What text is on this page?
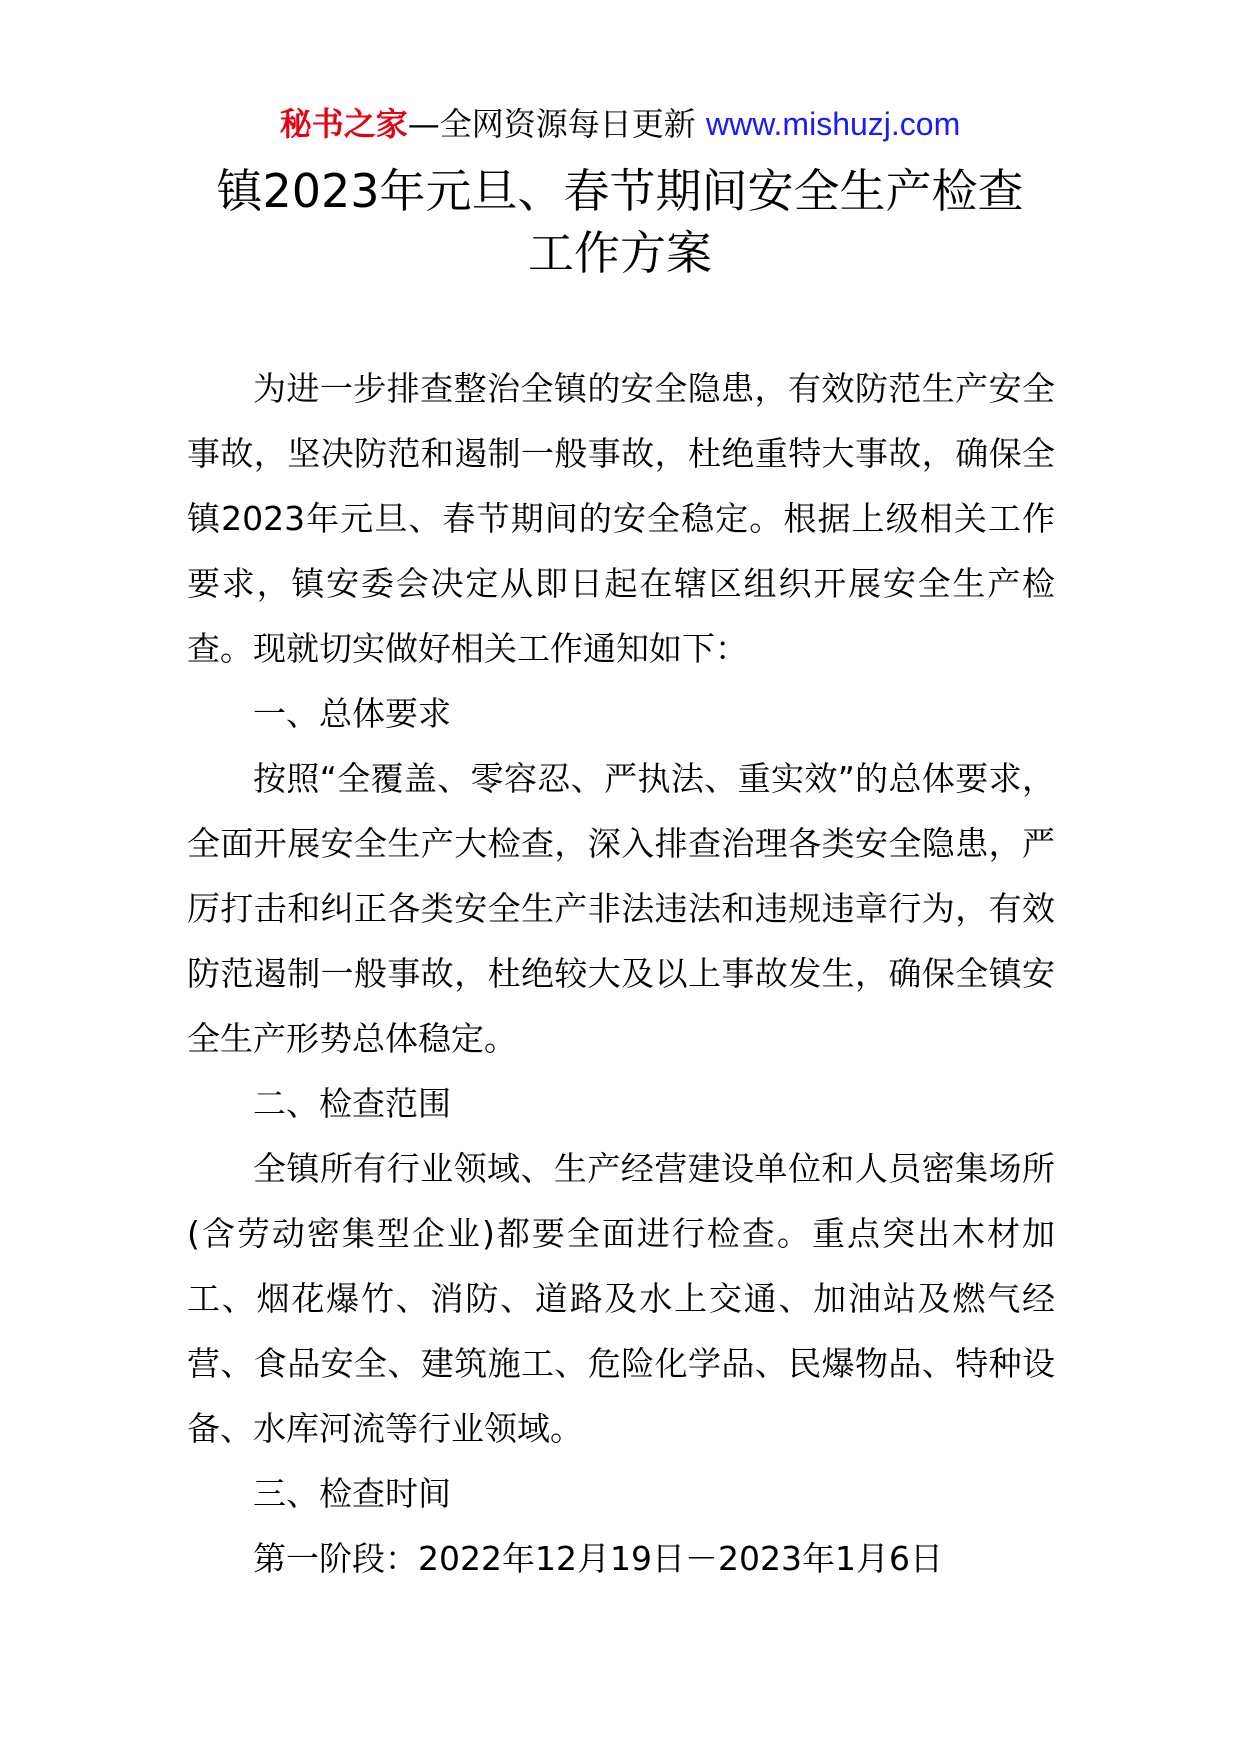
秘书之家—全网资源每日更新 www.mishuzj.com
镇2023年元旦、春节期间安全生产检查
工作方案

为进一步排查整治全镇的安全隐患，有效防范生产安全事故，坚决防范和遏制一般事故，杜绝重特大事故，确保全镇2023年元旦、春节期间的安全稳定。根据上级相关工作要求，镇安委会决定从即日起在辖区组织开展安全生产检查。现就切实做好相关工作通知如下：

一、总体要求

按照“全覆盖、零容忍、严执法、重实效”的总体要求，全面开展安全生产大检查，深入排查治理各类安全隐患，严厉打击和纠正各类安全生产非法违法和违规违章行为，有效防范遏制一般事故，杜绝较大及以上事故发生，确保全镇安全生产形势总体稳定。

二、检查范围

全镇所有行业领域、生产经营建设单位和人员密集场所(含劳动密集型企业)都要全面进行检查。重点突出木材加工、烟花爆竹、消防、道路及水上交通、加油站及燃气经营、食品安全、建筑施工、危险化学品、民爆物品、特种设备、水库河流等行业领域。

三、检查时间

第一阶段：2022年12月19日－2023年1月6日
